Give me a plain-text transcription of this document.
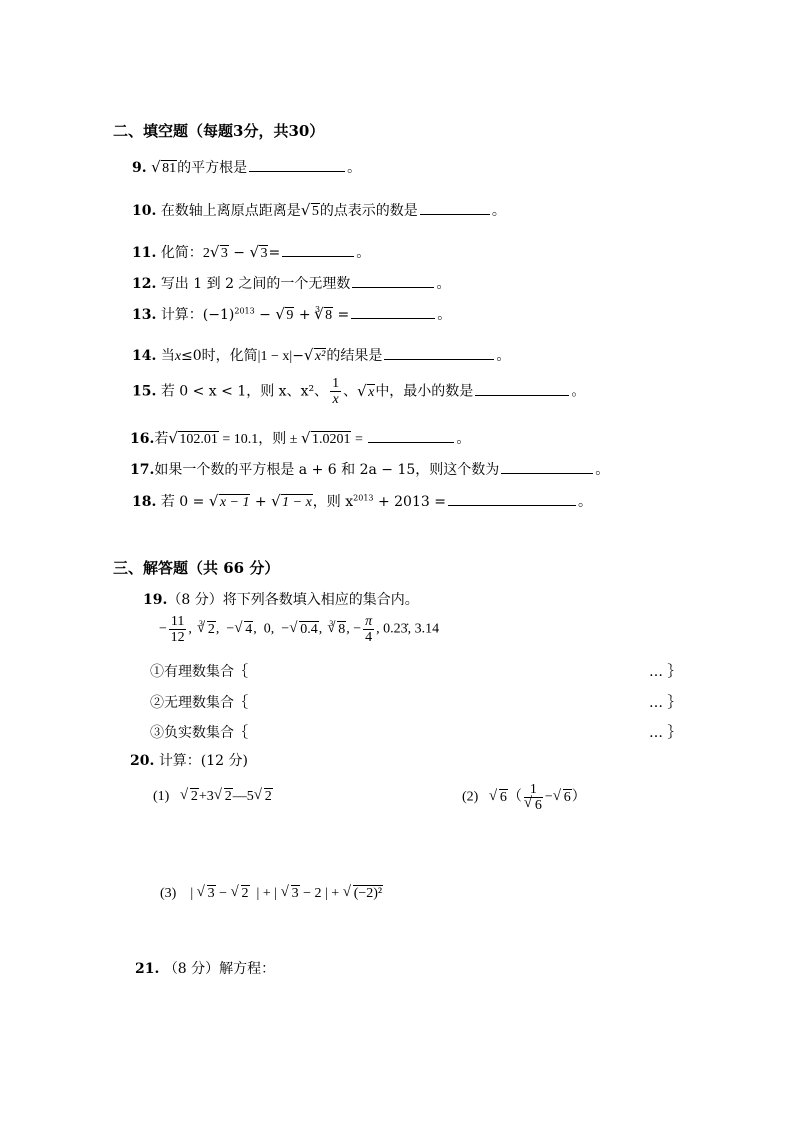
二、填空题（每题3分，共30）
9. √ 81的平方根是	。
10. 在数轴上离原点距离是 √ 5的点表示的数是	。
11. 化简：2 √ 3 − √ 3=	。
12. 写出 1 到 2 之间的一个无理数	。
13. 计算：$(-1)^{2013}$ − √ 9 + $^3$ √ 8 =	。
14. 当x≤0时，化简|1 − x|− √ x²的结果是	。
15. 若 0 < x < 1，则 x、x²、 $\frac{1}{x}$ 、 √ x中，最小的数是	。
16.若 √ 102.01 = 10.1，则 ± √ 1.0201 =	。
17.如果一个数的平方根是 a + 6 和 2a − 15，则这个数为	。
18. 若 0 = √ x − 1 + √ 1 − x，则 $x^{2013} + 2013$ =	。
三、解答题（共 66 分）
19.（8 分）将下列各数填入相应的集合内。
− $\frac{11}{12}$ ,  $^3$ √ 2,  − √ 4,  0,  − √ 0.4,  $^3$ √ 8, − $\frac{\pi}{4}$ , 0.23̇, 3.14
①有理数集合｛	… ｝
②无理数集合｛	… ｝
③负实数集合｛	… ｝
20. 计算：(12 分)
(1) √ 2+3 √ 2—5 √ 2	(2) √ 6（ 1
√ 6 − √ 6）
(3)    | √ 3 − √ 2  | + | √ 3 − 2 | + √ (−2)²
21. （8 分）解方程：
